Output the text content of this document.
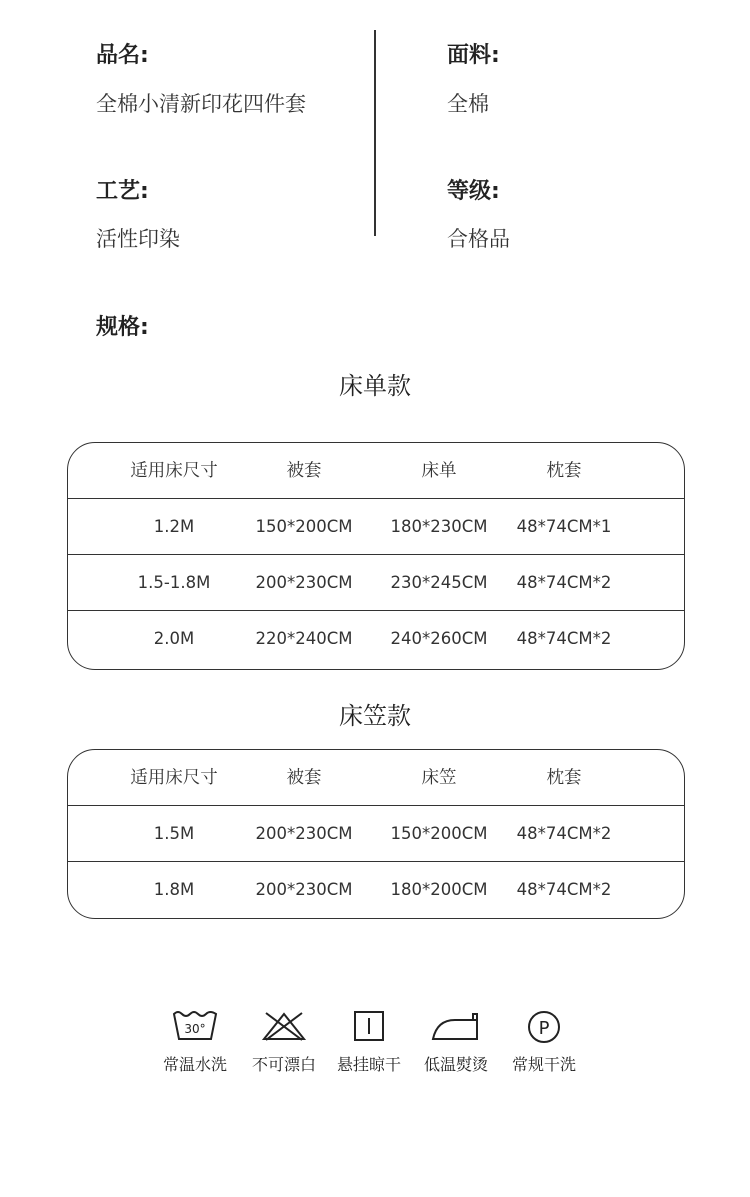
品名:
全棉小清新印花四件套
面料:
全棉
工艺:
活性印染
等级:
合格品
规格:
床单款
适用床尺寸	被套	床单	枕套
1.2M	150*200CM	180*230CM	48*74CM*1
1.5-1.8M	200*230CM	230*245CM	48*74CM*2
2.0M	220*240CM	240*260CM	48*74CM*2
床笠款
适用床尺寸	被套	床笠	枕套
1.5M	200*230CM	150*200CM	48*74CM*2
1.8M	200*230CM	180*200CM	48*74CM*2
30°
常温水洗	不可漂白	悬挂晾干	低温熨烫
P
常规干洗
